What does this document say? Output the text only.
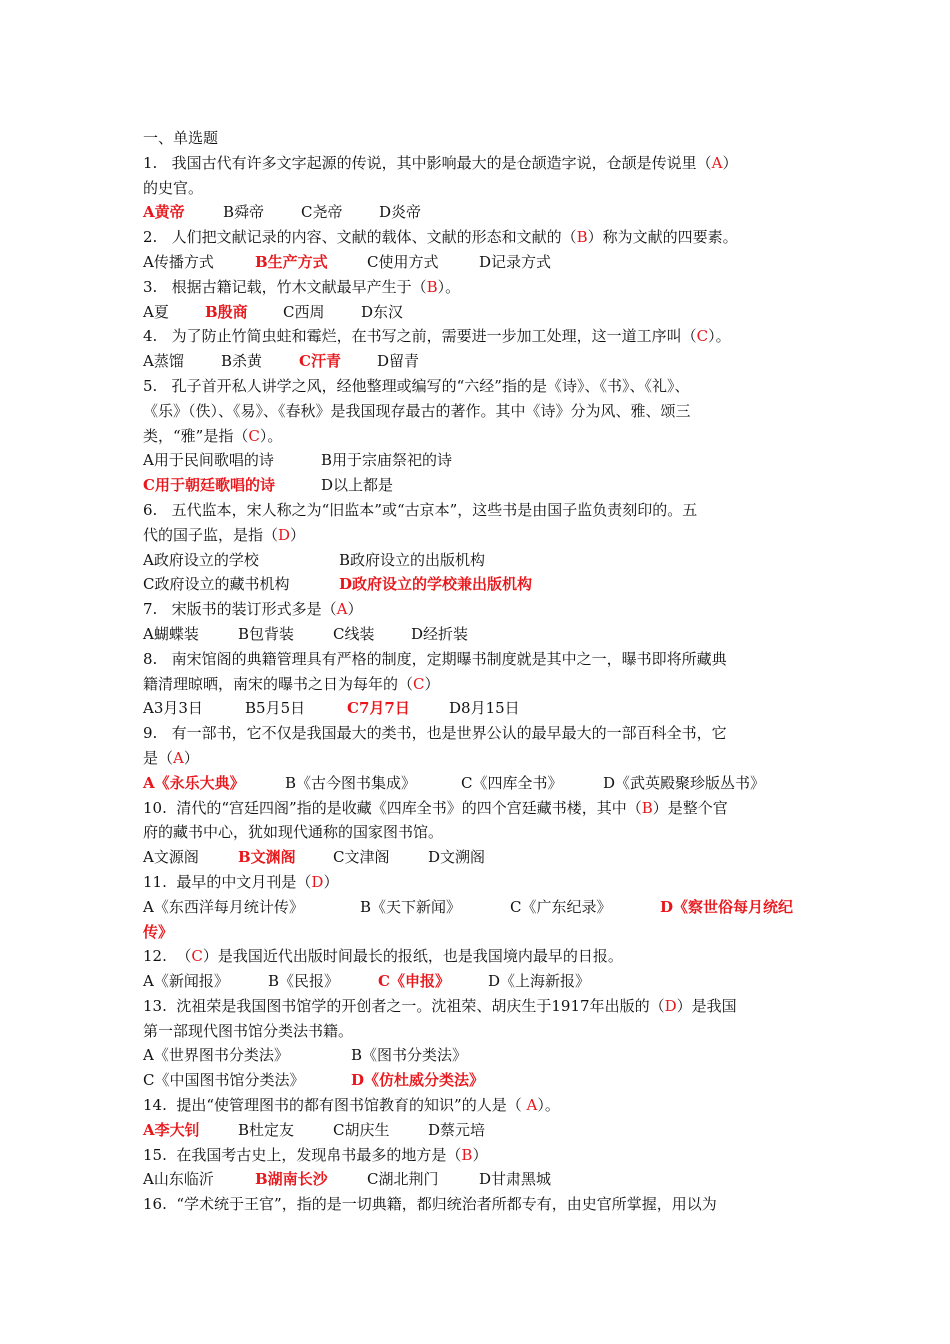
一、单选题
1.   我国古代有许多文字起源的传说，其中影响最大的是仓颉造字说，仓颉是传说里（A）
的史官。
A黄帝	B舜帝 C尧帝 D炎帝
2.   人们把文献记录的内容、文献的载体、文献的形态和文献的（B）称为文献的四要素。
A传播方式	B生产方式	C使用方式	D记录方式
3.   根据古籍记载，竹木文献最早产生于（B）。
A夏 B殷商 C西周 D东汉
4.   为了防止竹简虫蛀和霉烂，在书写之前，需要进一步加工处理，这一道工序叫（C）。
A蒸馏 B杀黄 C汗青 D留青
5.   孔子首开私人讲学之风，经他整理或编写的“六经”指的是《诗》、《书》、《礼》、
《乐》（佚）、《易》、《春秋》是我国现存最古的著作。其中《诗》分为风、雅、颂三
类，“雅”是指（C）。
A用于民间歌唱的诗	B用于宗庙祭祀的诗
C用于朝廷歌唱的诗	D以上都是
6.   五代监本，宋人称之为“旧监本”或“古京本”，这些书是由国子监负责刻印的。五
代的国子监，是指（D）
A政府设立的学校	B政府设立的出版机构
C政府设立的藏书机构	D政府设立的学校兼出版机构
7.   宋版书的装订形式多是（A）
A蝴蝶装	B包背装	C线装 D经折装
8.   南宋馆阁的典籍管理具有严格的制度，定期曝书制度就是其中之一，曝书即将所藏典
籍清理晾晒，南宋的曝书之日为每年的（C）
A3月3日	B5月5日	C7月7日	D8月15日
9.   有一部书，它不仅是我国最大的类书，也是世界公认的最早最大的一部百科全书，它
是（A）
A《永乐大典》	B《古今图书集成》	C《四库全书》	D《武英殿聚珍版丛书》
10.  清代的“宫廷四阁”指的是收藏《四库全书》的四个宫廷藏书楼，其中（B）是整个官
府的藏书中心，犹如现代通称的国家图书馆。
A文源阁	B文渊阁 C文津阁	D文溯阁
11.  最早的中文月刊是（D）
A《东西洋每月统计传》	B《天下新闻》	C《广东纪录》	D《察世俗每月统纪
传》
12.  （C）是我国近代出版时间最长的报纸，也是我国境内最早的日报。
A《新闻报》	B《民报》	C《申报》	D《上海新报》
13.  沈祖荣是我国图书馆学的开创者之一。沈祖荣、胡庆生于1917年出版的（D）是我国
第一部现代图书馆分类法书籍。
A《世界图书分类法》	B《图书分类法》
C《中国图书馆分类法》	D《仿杜威分类法》
14.  提出“使管理图书的都有图书馆教育的知识”的人是（ A）。
A李大钊	B杜定友	C胡庆生	D蔡元培
15.  在我国考古史上，发现帛书最多的地方是（B）
A山东临沂	B湖南长沙	C湖北荆门	D甘肃黑城
16.  “学术统于王官”，指的是一切典籍，都归统治者所都专有，由史官所掌握，用以为
